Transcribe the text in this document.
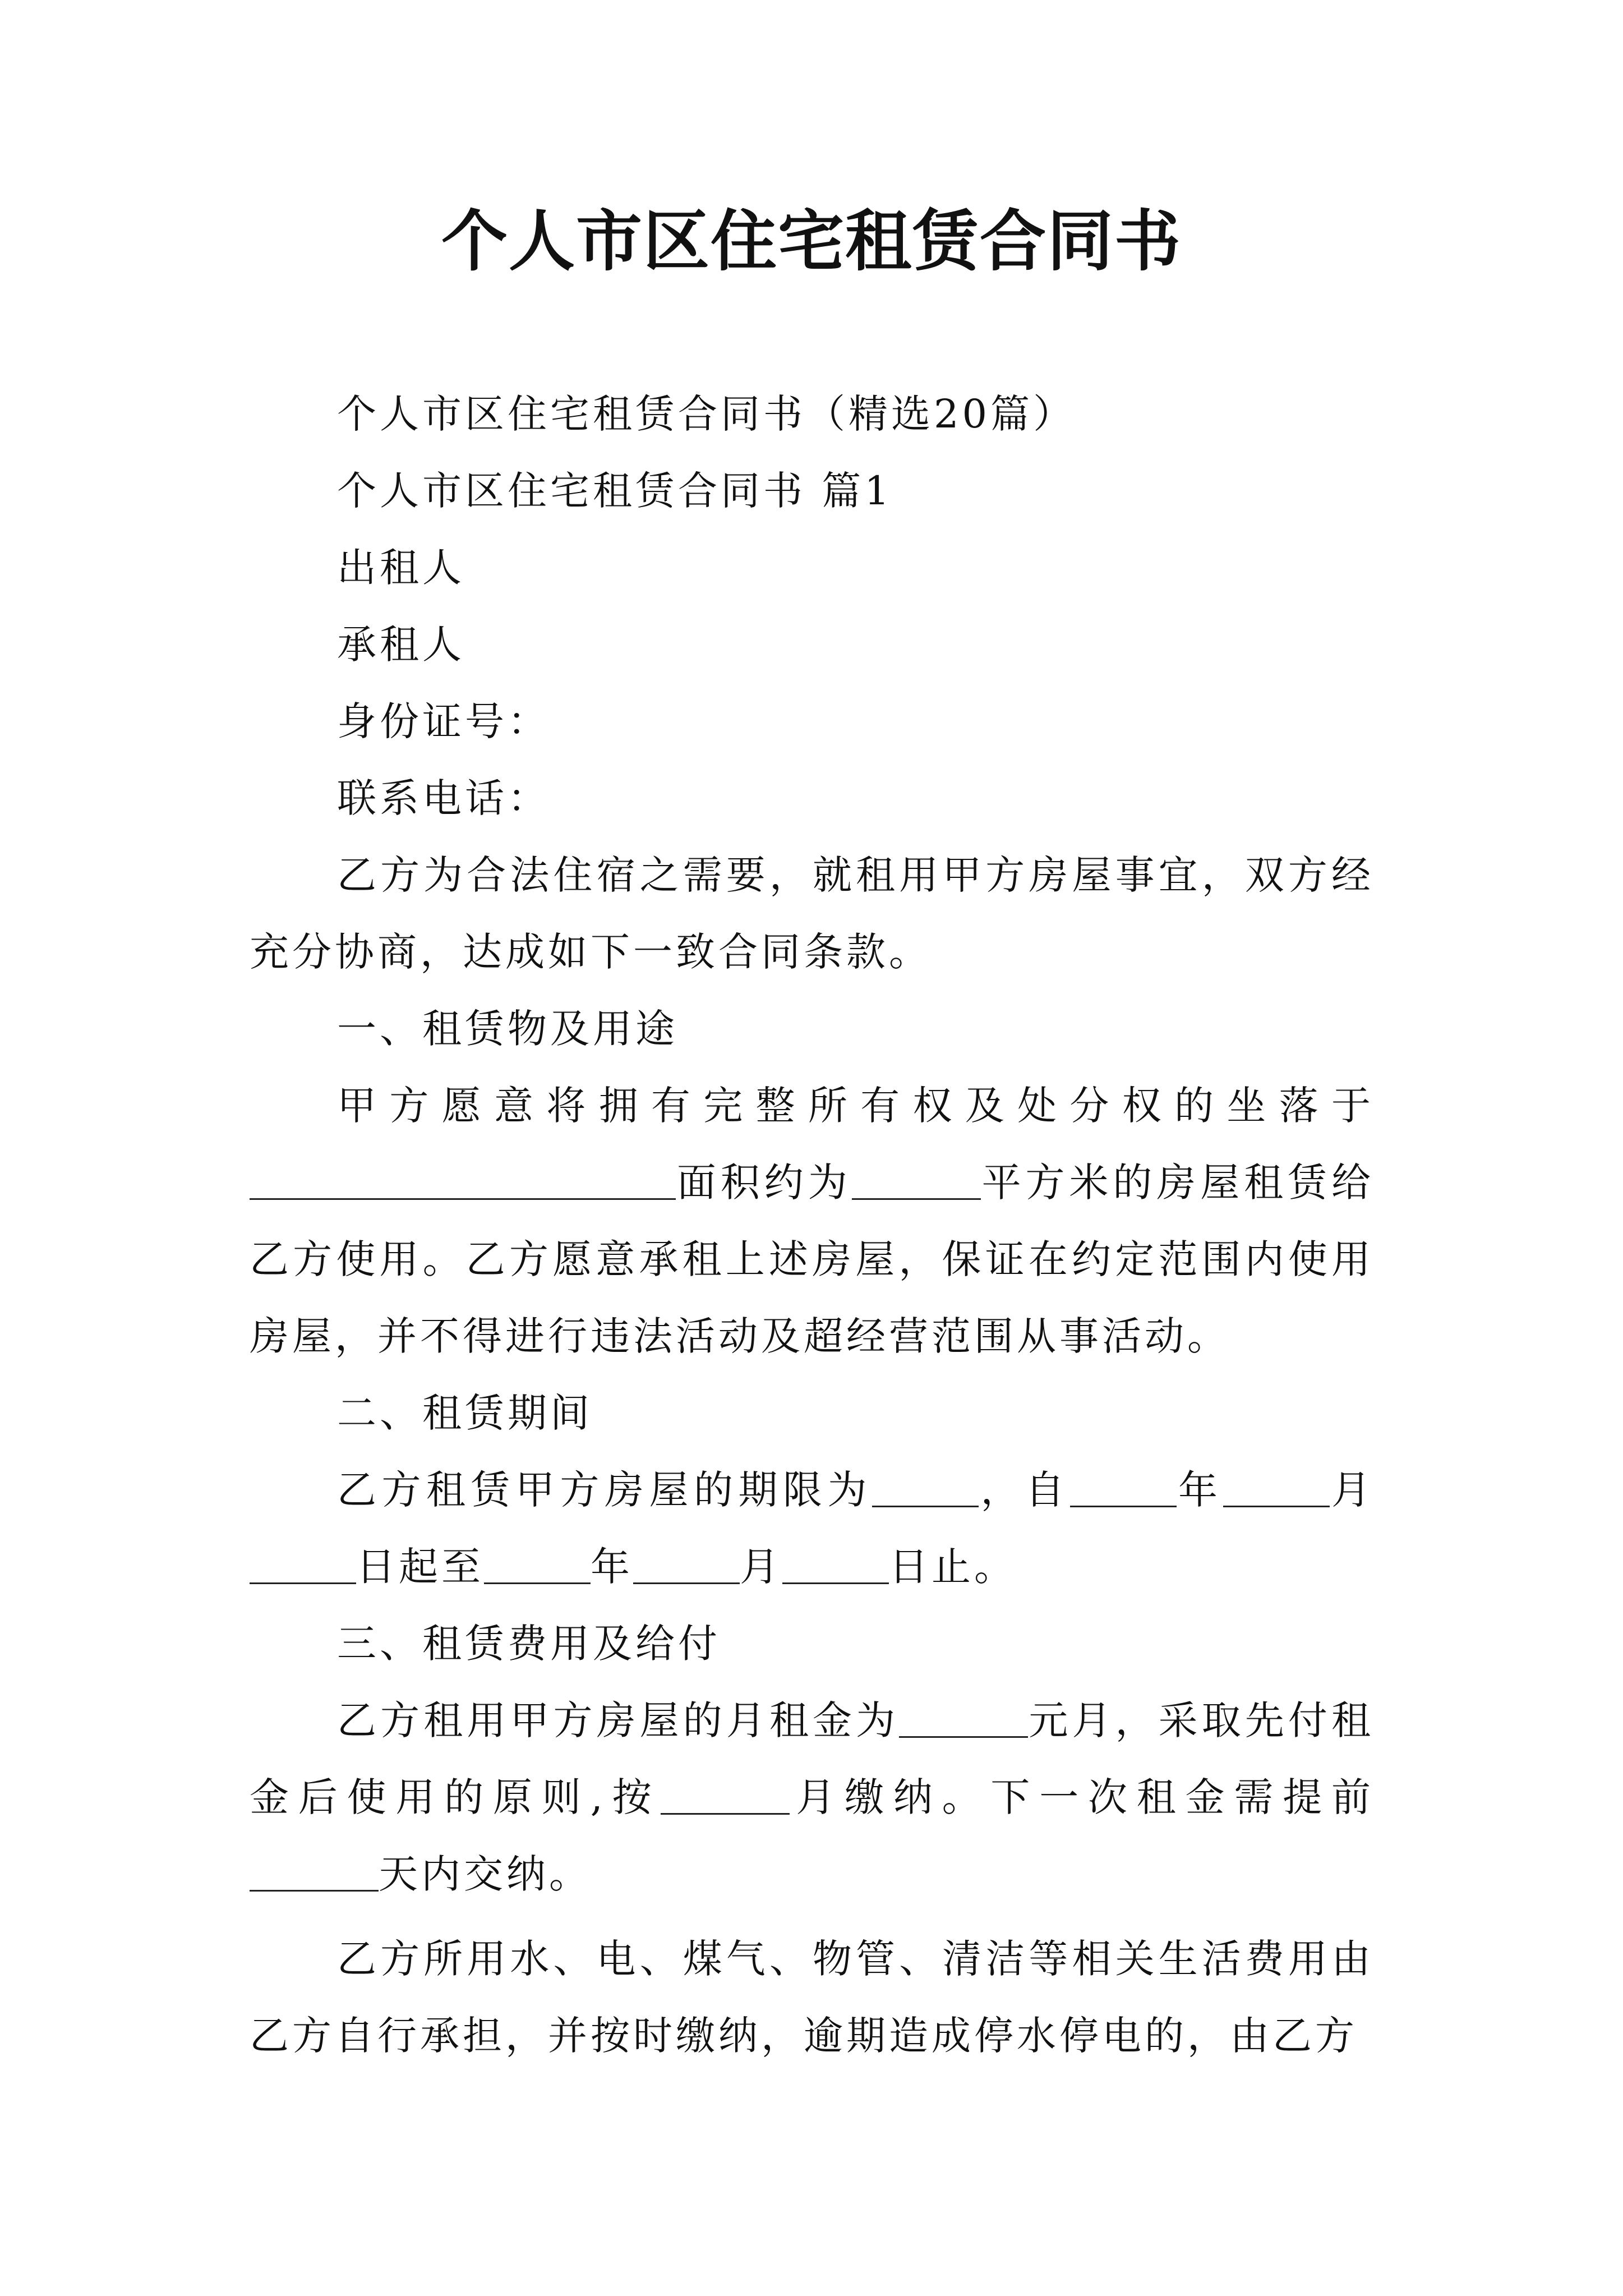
个人市区住宅租赁合同书

个人市区住宅租赁合同书（精选20篇）

个人市区住宅租赁合同书 篇1

出租人

承租人

身份证号：

联系电话：

乙方为合法住宿之需要，就租用甲方房屋事宜，双方经充分协商，达成如下一致合同条款。

一、租赁物及用途

甲方愿意将拥有完整所有权及处分权的坐落于面积约为	平方米的房屋租赁给乙方使用。乙方愿意承租上述房屋，保证在约定范围内使用房屋，并不得进行违法活动及超经营范围从事活动。

二、租赁期间

乙方租赁甲方房屋的期限为	，自	年	月日起至	年	月	日止。

三、租赁费用及给付

乙方租用甲方房屋的月租金为	元月，采取先付租金后使用的原则,按	月缴纳。下一次租金需提前天内交纳。

乙方所用水、电、煤气、物管、清洁等相关生活费用由乙方自行承担，并按时缴纳，逾期造成停水停电的，由乙方
